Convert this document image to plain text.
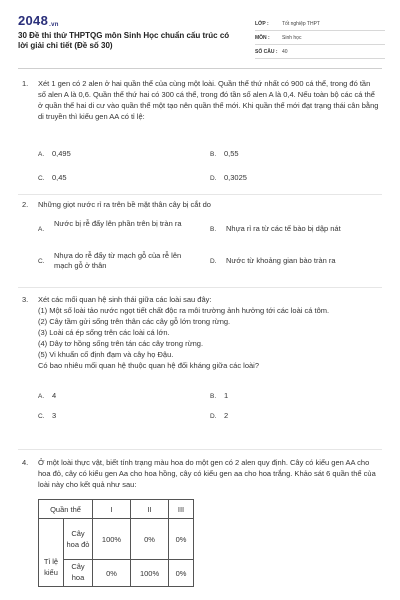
2048.vn
30 Đề thi thử THPTQG môn Sinh Học chuẩn cấu trúc có lời giải chi tiết (Đề số 30)
LỚP :	Tốt nghiệp THPT
MÔN :	Sinh học
SỐ CÂU : 40
1. Xét 1 gen có 2 alen ở hai quần thể của cùng một loài. Quần thể thứ nhất có 900 cá thể, trong đó tần số alen A là 0,6. Quần thể thứ hai có 300 cá thể, trong đó tần số alen A là 0,4. Nếu toàn bộ các cá thể ở quần thể hai di cư vào quần thể một tạo nên quần thể mới. Khi quần thể mới đạt trạng thái cân bằng di truyền thì kiểu gen AA có tỉ lệ:
A. 0,495	B. 0,55
C. 0,45	D. 0,3025
2. Những giọt nước rỉ ra trên bề mặt thân cây bị cắt do
A.
Nước bị rễ đẩy lên phần trên bị tràn ra
B.	Nhựa rỉ ra từ các tế bào bị dập nát
C.
Nhựa do rễ đẩy từ mạch gỗ của rễ lên mạch gỗ ở thân	D.	Nước từ khoảng gian bào tràn ra
3. Xét các mối quan hệ sinh thái giữa các loài sau đây:
(1) Một số loài tảo nước ngọt tiết chất độc ra môi trường ảnh hưởng tới các loài cá tôm.
(2) Cây tầm gửi sống trên thân các cây gỗ lớn trong rừng.
(3) Loài cá ép sống trên các loài cá lớn.
(4) Dây tơ hồng sống trên tán các cây trong rừng.
(5) Vi khuẩn cố định đạm và cây họ Đậu.
Có bao nhiêu mối quan hệ thuộc quan hệ đối kháng giữa các loài?
A. 4	B. 1
C. 3	D. 2
4. Ở một loài thực vật, biết tính trạng màu hoa do một gen có 2 alen quy định. Cây có kiểu gen AA cho hoa đỏ, cây có kiểu gen Aa cho hoa hồng, cây có kiểu gen aa cho hoa trắng. Khảo sát 6 quần thể của loài này cho kết quả như sau:
Quần thể		I	II	III
Tỉ lệ kiểu	Cây hoa đỏ	100%	0%	0%
	Cây hoa	0%	100%	0%
